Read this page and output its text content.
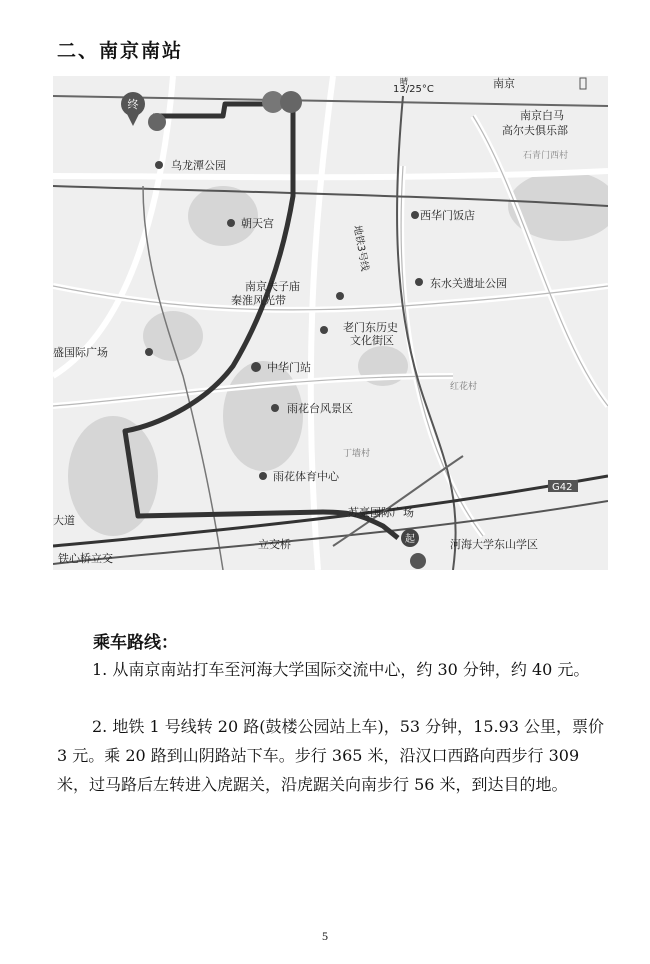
二、南京南站
起
终
晴
13/25°C	南京
南京白马
高尔夫俱乐部
石青门西村
乌龙潭公园
朝天宫
西华门饭店
南京夫子庙
秦淮风光带
东水关遗址公园
老门东历史
文化街区
盛国际广场
中华门站
红花村
雨花台风景区
丁墙村
雨花体育中心
苏豪国际广场
河海大学东山学区
铁心桥立交
立交桥
大道
地铁3号线
G42
乘车路线：

1. 从南京南站打车至河海大学国际交流中心，约 30 分钟，约 40 元。

2. 地铁 1 号线转 20 路(鼓楼公园站上车)，53 分钟，15.93 公里，票价 3 元。乘 20 路到山阴路站下车。步行 365 米，沿汉口西路向西步行 309 米，过马路后左转进入虎踞关，沿虎踞关向南步行 56 米，到达目的地。

5
